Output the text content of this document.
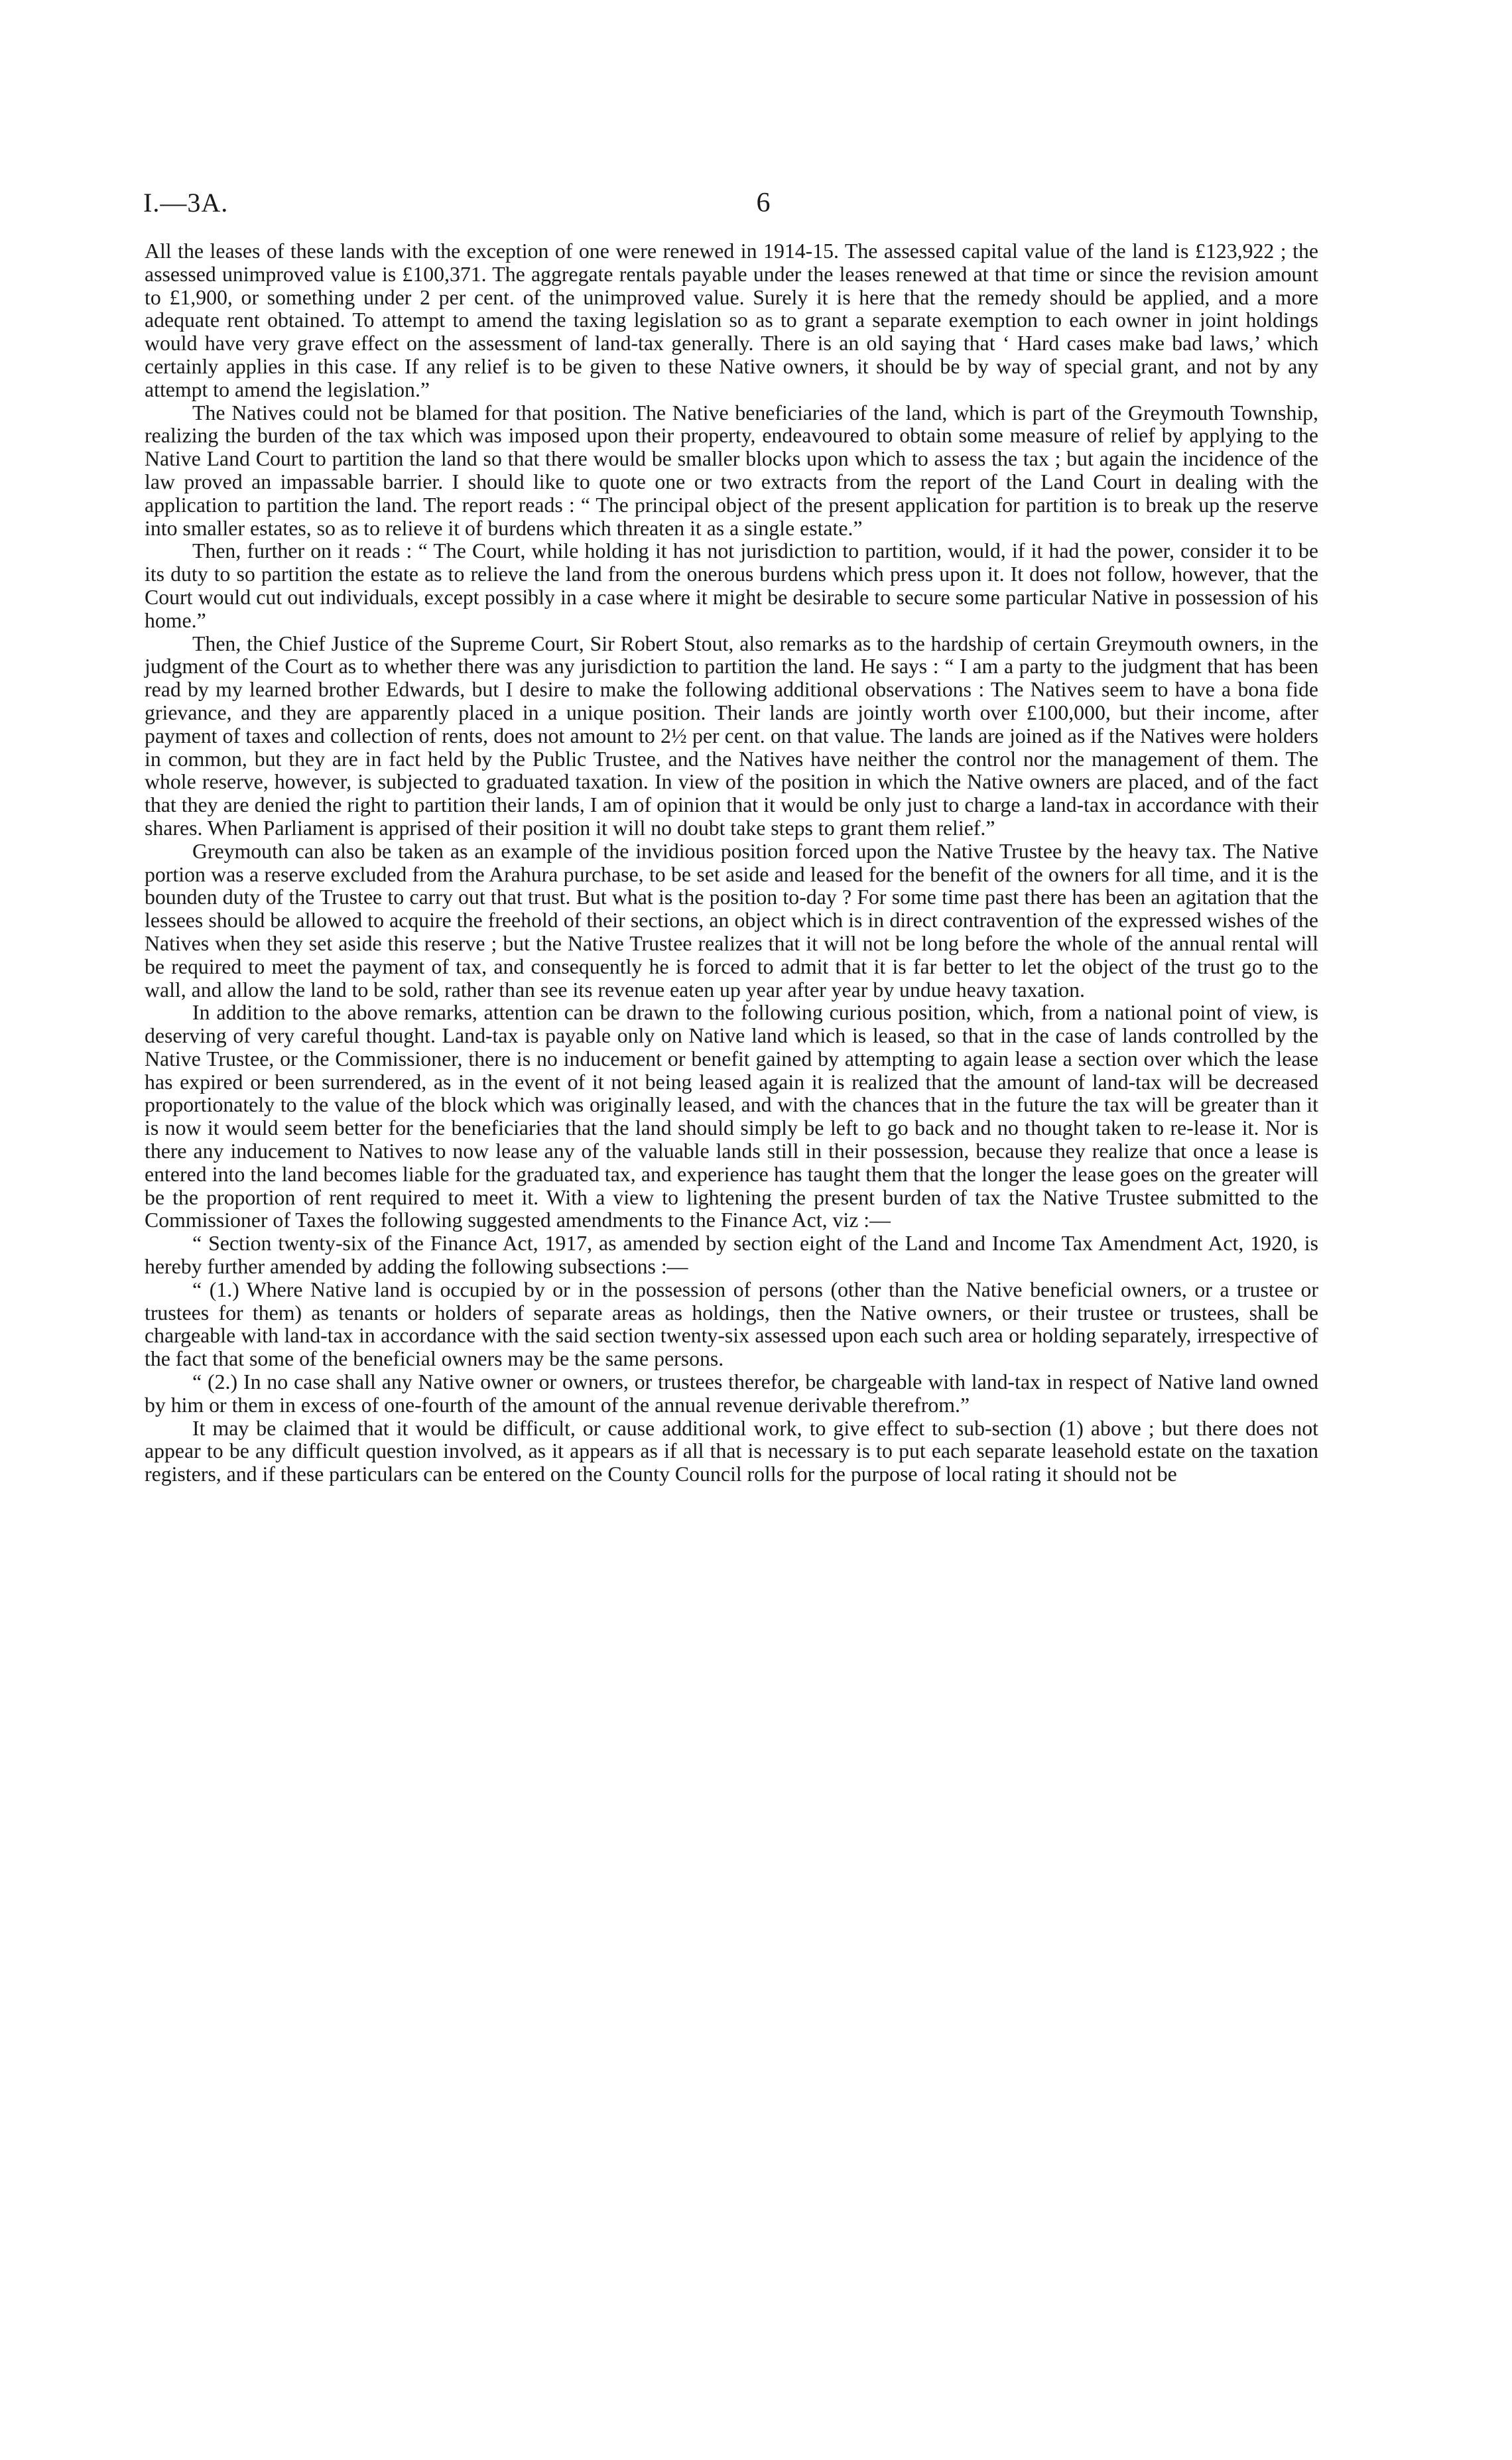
I.—3A.	6

All the leases of these lands with the exception of one were renewed in 1914-15. The assessed capital value of the land is £123,922 ; the assessed unimproved value is £100,371. The aggregate rentals payable under the leases renewed at that time or since the revision amount to £1,900, or something under 2 per cent. of the unimproved value. Surely it is here that the remedy should be applied, and a more adequate rent obtained. To attempt to amend the taxing legislation so as to grant a separate exemption to each owner in joint holdings would have very grave effect on the assessment of land-tax generally. There is an old saying that ‘ Hard cases make bad laws,’ which certainly applies in this case. If any relief is to be given to these Native owners, it should be by way of special grant, and not by any attempt to amend the legislation.”

The Natives could not be blamed for that position. The Native beneficiaries of the land, which is part of the Greymouth Township, realizing the burden of the tax which was imposed upon their property, endeavoured to obtain some measure of relief by applying to the Native Land Court to partition the land so that there would be smaller blocks upon which to assess the tax ; but again the incidence of the law proved an impassable barrier. I should like to quote one or two extracts from the report of the Land Court in dealing with the application to partition the land. The report reads : “ The principal object of the present application for partition is to break up the reserve into smaller estates, so as to relieve it of burdens which threaten it as a single estate.”

Then, further on it reads : “ The Court, while holding it has not jurisdiction to partition, would, if it had the power, consider it to be its duty to so partition the estate as to relieve the land from the onerous burdens which press upon it. It does not follow, however, that the Court would cut out individuals, except possibly in a case where it might be desirable to secure some particular Native in possession of his home.”

Then, the Chief Justice of the Supreme Court, Sir Robert Stout, also remarks as to the hardship of certain Greymouth owners, in the judgment of the Court as to whether there was any jurisdiction to partition the land. He says : “ I am a party to the judgment that has been read by my learned brother Edwards, but I desire to make the following additional observations : The Natives seem to have a bona fide grievance, and they are apparently placed in a unique position. Their lands are jointly worth over £100,000, but their income, after payment of taxes and collection of rents, does not amount to 2½ per cent. on that value. The lands are joined as if the Natives were holders in common, but they are in fact held by the Public Trustee, and the Natives have neither the control nor the management of them. The whole reserve, however, is subjected to graduated taxation. In view of the position in which the Native owners are placed, and of the fact that they are denied the right to partition their lands, I am of opinion that it would be only just to charge a land-tax in accordance with their shares. When Parliament is apprised of their position it will no doubt take steps to grant them relief.”

Greymouth can also be taken as an example of the invidious position forced upon the Native Trustee by the heavy tax. The Native portion was a reserve excluded from the Arahura purchase, to be set aside and leased for the benefit of the owners for all time, and it is the bounden duty of the Trustee to carry out that trust. But what is the position to-day ? For some time past there has been an agitation that the lessees should be allowed to acquire the freehold of their sections, an object which is in direct contravention of the expressed wishes of the Natives when they set aside this reserve ; but the Native Trustee realizes that it will not be long before the whole of the annual rental will be required to meet the payment of tax, and consequently he is forced to admit that it is far better to let the object of the trust go to the wall, and allow the land to be sold, rather than see its revenue eaten up year after year by undue heavy taxation.

In addition to the above remarks, attention can be drawn to the following curious position, which, from a national point of view, is deserving of very careful thought. Land-tax is payable only on Native land which is leased, so that in the case of lands controlled by the Native Trustee, or the Commissioner, there is no inducement or benefit gained by attempting to again lease a section over which the lease has expired or been surrendered, as in the event of it not being leased again it is realized that the amount of land-tax will be decreased proportionately to the value of the block which was originally leased, and with the chances that in the future the tax will be greater than it is now it would seem better for the beneficiaries that the land should simply be left to go back and no thought taken to re-lease it. Nor is there any inducement to Natives to now lease any of the valuable lands still in their possession, because they realize that once a lease is entered into the land becomes liable for the graduated tax, and experience has taught them that the longer the lease goes on the greater will be the proportion of rent required to meet it. With a view to lightening the present burden of tax the Native Trustee submitted to the Commissioner of Taxes the following suggested amendments to the Finance Act, viz :—

“ Section twenty-six of the Finance Act, 1917, as amended by section eight of the Land and Income Tax Amendment Act, 1920, is hereby further amended by adding the following subsections :—

“ (1.) Where Native land is occupied by or in the possession of persons (other than the Native beneficial owners, or a trustee or trustees for them) as tenants or holders of separate areas as holdings, then the Native owners, or their trustee or trustees, shall be chargeable with land-tax in accordance with the said section twenty-six assessed upon each such area or holding separately, irrespective of the fact that some of the beneficial owners may be the same persons.

“ (2.) In no case shall any Native owner or owners, or trustees therefor, be chargeable with land-tax in respect of Native land owned by him or them in excess of one-fourth of the amount of the annual revenue derivable therefrom.”

It may be claimed that it would be difficult, or cause additional work, to give effect to sub-section (1) above ; but there does not appear to be any difficult question involved, as it appears as if all that is necessary is to put each separate leasehold estate on the taxation registers, and if these particulars can be entered on the County Council rolls for the purpose of local rating it should not be
